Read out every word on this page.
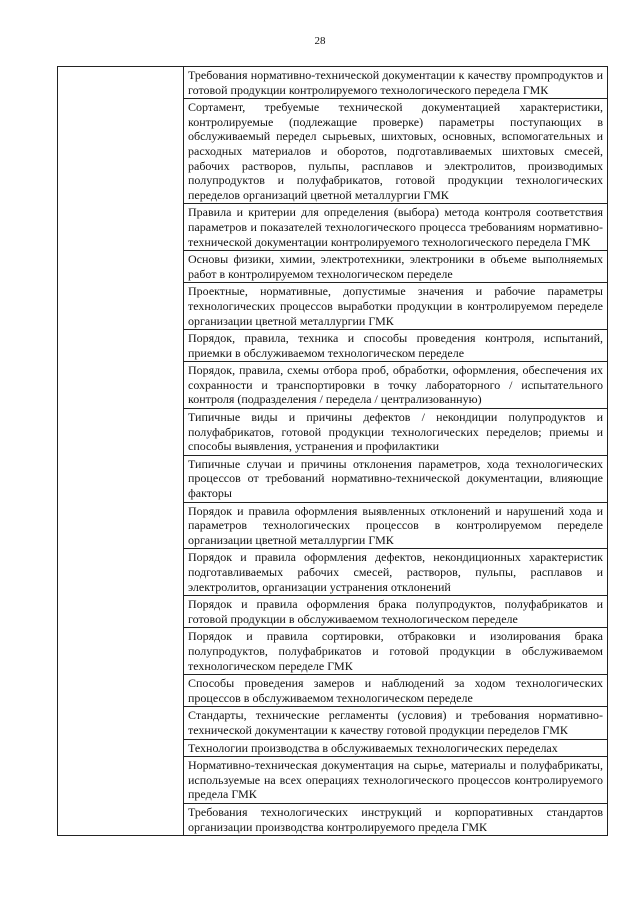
28

Требования нормативно-технической документации к качеству промпродуктов и готовой продукции контролируемого технологического передела ГМК

Сортамент, требуемые технической документацией характеристики, контролируемые (подлежащие проверке) параметры поступающих в обслуживаемый передел сырьевых, шихтовых, основных, вспомогательных и расходных материалов и оборотов, подготавливаемых шихтовых смесей, рабочих растворов, пульпы, расплавов и электролитов, производимых полупродуктов и полуфабрикатов, готовой продукции технологических переделов организаций цветной металлургии ГМК

Правила и критерии для определения (выбора) метода контроля соответствия параметров и показателей технологического процесса требованиям нормативно-технической документации контролируемого технологического передела ГМК

Основы физики, химии, электротехники, электроники в объеме выполняемых работ в контролируемом технологическом переделе

Проектные, нормативные, допустимые значения и рабочие параметры технологических процессов выработки продукции в контролируемом переделе организации цветной металлургии ГМК

Порядок, правила, техника и способы проведения контроля, испытаний, приемки в обслуживаемом технологическом переделе

Порядок, правила, схемы отбора проб, обработки, оформления, обеспечения их сохранности и транспортировки в точку лабораторного / испытательного контроля (подразделения / передела / централизованную)

Типичные виды и причины дефектов / некондиции полупродуктов и полуфабрикатов, готовой продукции технологических переделов; приемы и способы выявления, устранения и профилактики

Типичные случаи и причины отклонения параметров, хода технологических процессов от требований нормативно-технической документации, влияющие факторы

Порядок и правила оформления выявленных отклонений и нарушений хода и параметров технологических процессов в контролируемом переделе организации цветной металлургии ГМК

Порядок и правила оформления дефектов, некондиционных характеристик подготавливаемых рабочих смесей, растворов, пульпы, расплавов и электролитов, организации устранения отклонений

Порядок и правила оформления брака полупродуктов, полуфабрикатов и готовой продукции в обслуживаемом технологическом переделе

Порядок и правила сортировки, отбраковки и изолирования брака полупродуктов, полуфабрикатов и готовой продукции в обслуживаемом технологическом переделе ГМК

Способы проведения замеров и наблюдений за ходом технологических процессов в обслуживаемом технологическом переделе

Стандарты, технические регламенты (условия) и требования нормативно-технической документации к качеству готовой продукции переделов ГМК

Технологии производства в обслуживаемых технологических переделах

Нормативно-техническая документация на сырье, материалы и полуфабрикаты, используемые на всех операциях технологического процессов контролируемого предела ГМК

Требования технологических инструкций и корпоративных стандартов организации производства контролируемого предела ГМК
